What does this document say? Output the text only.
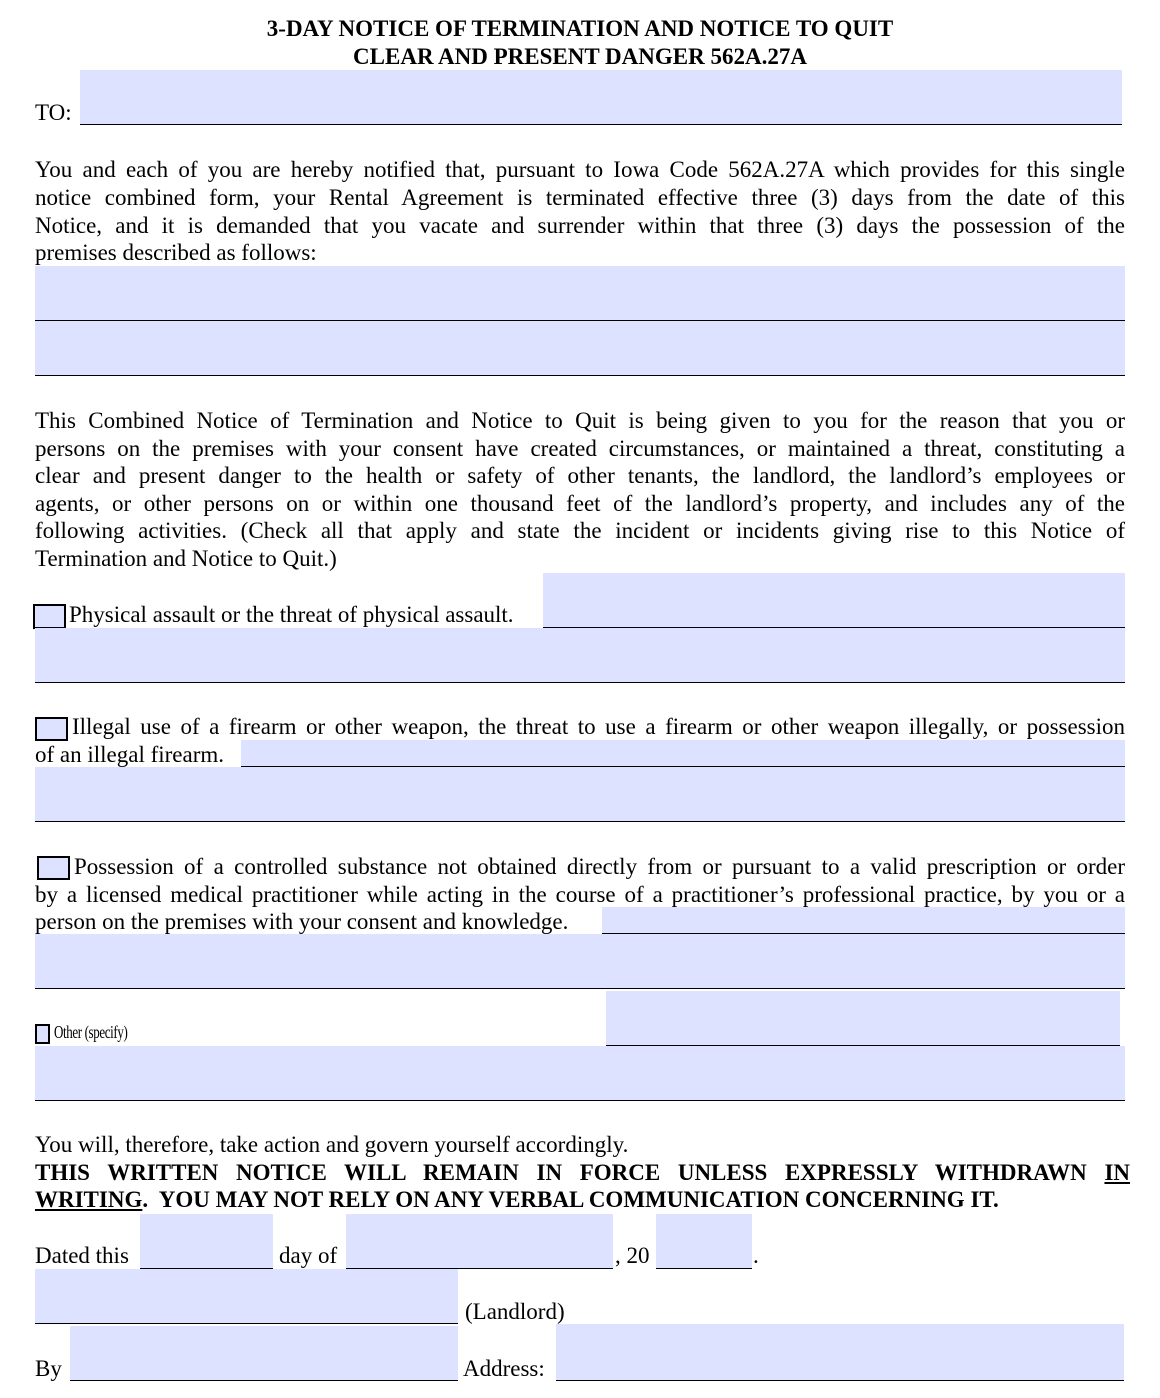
3-DAY NOTICE OF TERMINATION AND NOTICE TO QUIT
CLEAR AND PRESENT DANGER 562A.27A
TO:
You and each of you are hereby notified that, pursuant to Iowa Code 562A.27A which provides for this single
notice combined form, your Rental Agreement is terminated effective three (3) days from the date of this
Notice, and it is demanded that you vacate and surrender within that three (3) days the possession of the
premises described as follows:
This Combined Notice of Termination and Notice to Quit is being given to you for the reason that you or
persons on the premises with your consent have created circumstances, or maintained a threat, constituting a
clear and present danger to the health or safety of other tenants, the landlord, the landlord’s employees or
agents, or other persons on or within one thousand feet of the landlord’s property, and includes any of the
following activities. (Check all that apply and state the incident or incidents giving rise to this Notice of
Termination and Notice to Quit.)
Physical assault or the threat of physical assault.
Illegal use of a firearm or other weapon, the threat to use a firearm or other weapon illegally, or possession
of an illegal firearm.
Possession of a controlled substance not obtained directly from or pursuant to a valid prescription or order
by a licensed medical practitioner while acting in the course of a practitioner’s professional practice, by you or a
person on the premises with your consent and knowledge.
Other (specify)
You will, therefore, take action and govern yourself accordingly.
THIS WRITTEN NOTICE WILL REMAIN IN FORCE UNLESS EXPRESSLY WITHDRAWN IN
WRITING.  YOU MAY NOT RELY ON ANY VERBAL COMMUNICATION CONCERNING IT.
Dated this	day of	, 20	.
(Landlord)
By	Address:
